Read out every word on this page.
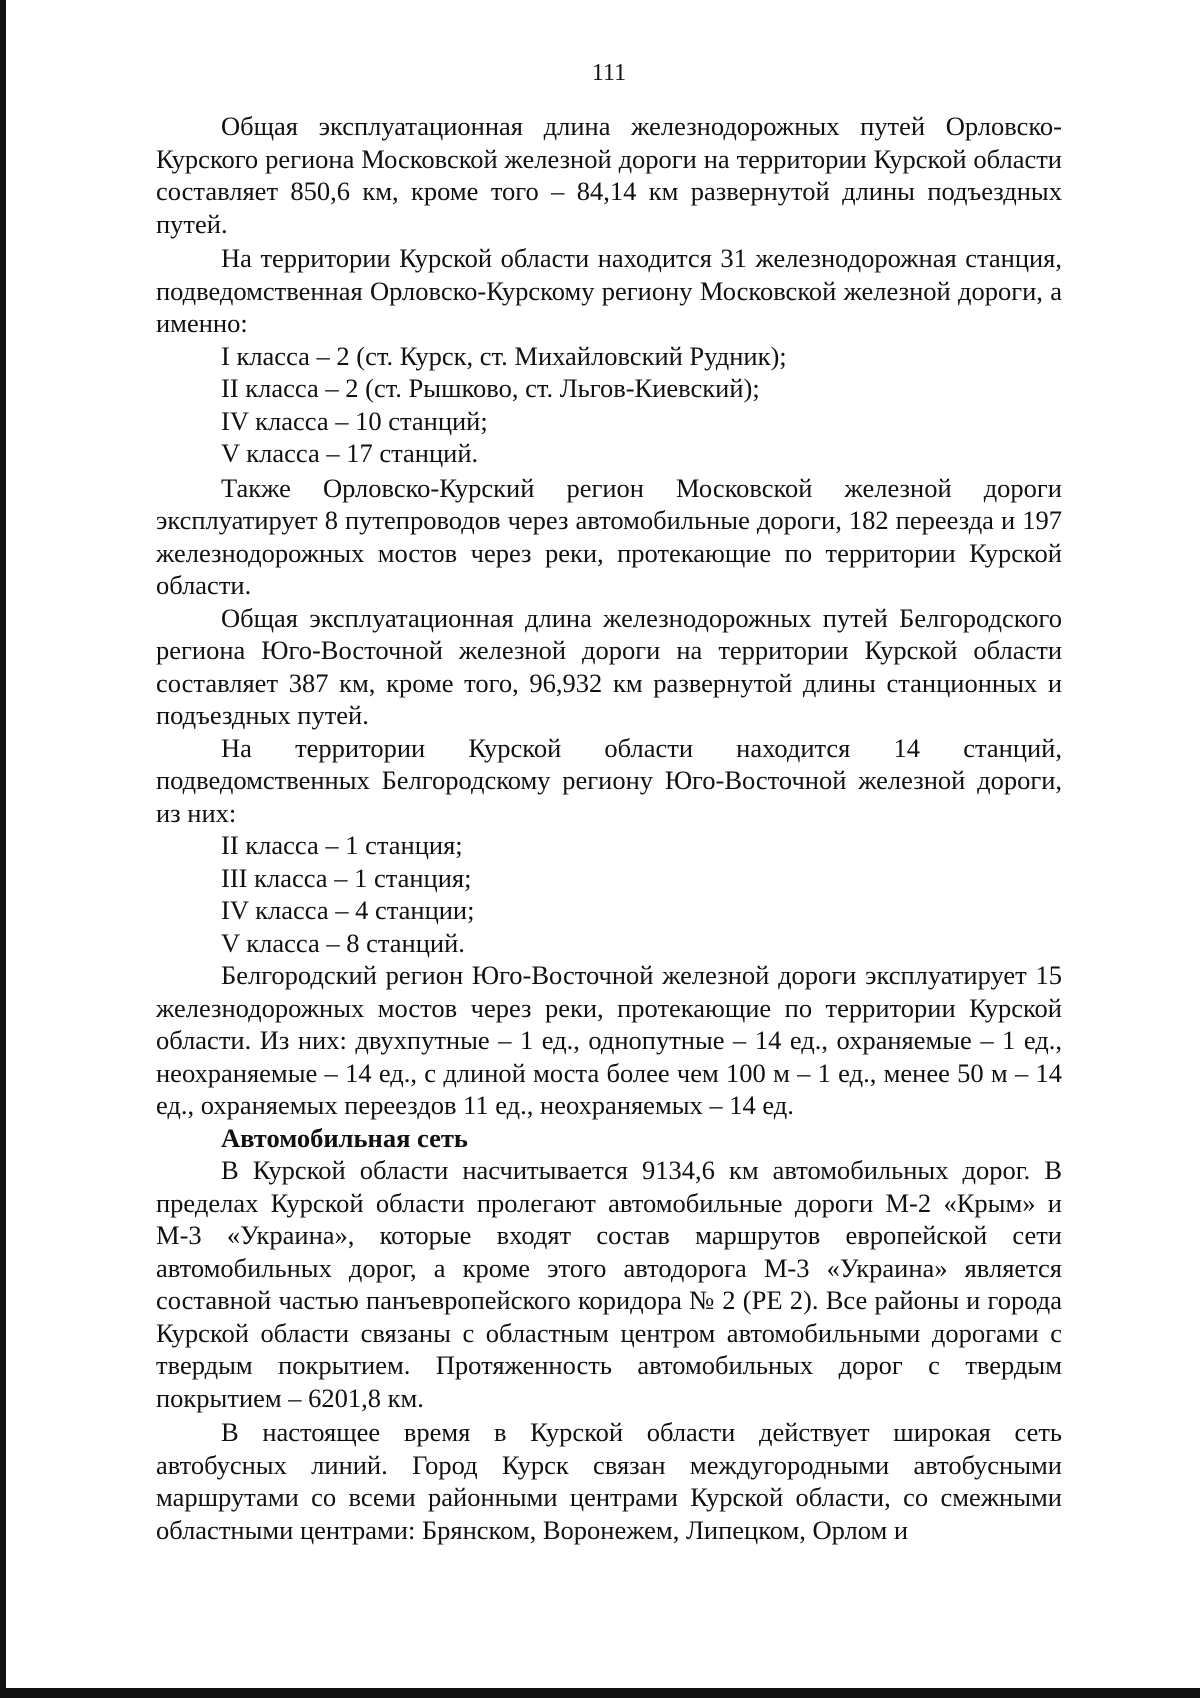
111

Общая эксплуатационная длина железнодорожных путей Орловско-Курского региона Московской железной дороги на территории Курской области составляет 850,6 км, кроме того – 84,14 км развернутой длины подъездных путей.

На территории Курской области находится 31 железнодорожная станция, подведомственная Орловско-Курскому региону Московской железной дороги, а именно:

I класса – 2 (ст. Курск, ст. Михайловский Рудник);

II класса – 2 (ст. Рышково, ст. Льгов-Киевский);

IV класса – 10 станций;

V класса – 17 станций.

Также Орловско-Курский регион Московской железной дороги эксплуатирует 8 путепроводов через автомобильные дороги, 182 переезда и 197 железнодорожных мостов через реки, протекающие по территории Курской области.

Общая эксплуатационная длина железнодорожных путей Белгородского региона Юго-Восточной железной дороги на территории Курской области составляет 387 км, кроме того, 96,932 км развернутой длины станционных и подъездных путей.

На территории Курской области находится 14 станций, подведомственных Белгородскому региону Юго-Восточной железной дороги, из них:

II класса – 1 станция;

III класса – 1 станция;

IV класса – 4 станции;

V класса – 8 станций.

Белгородский регион Юго-Восточной железной дороги эксплуатирует 15 железнодорожных мостов через реки, протекающие по территории Курской области. Из них: двухпутные – 1 ед., однопутные – 14 ед., охраняемые – 1 ед., неохраняемые – 14 ед., с длиной моста более чем 100 м – 1 ед., менее 50 м – 14 ед., охраняемых переездов 11 ед., неохраняемых – 14 ед.

Автомобильная сеть

В Курской области насчитывается 9134,6 км автомобильных дорог. В пределах Курской области пролегают автомобильные дороги М-2 «Крым» и М-3 «Украина», которые входят состав маршрутов европейской сети автомобильных дорог, а кроме этого автодорога М-3 «Украина» является составной частью панъевропейского коридора № 2 (PE 2). Все районы и города Курской области связаны с областным центром автомобильными дорогами с твердым покрытием. Протяженность автомобильных дорог с твердым покрытием – 6201,8 км.

В настоящее время в Курской области действует широкая сеть автобусных линий. Город Курск связан междугородными автобусными маршрутами со всеми районными центрами Курской области, со смежными областными центрами: Брянском, Воронежем, Липецком, Орлом и
